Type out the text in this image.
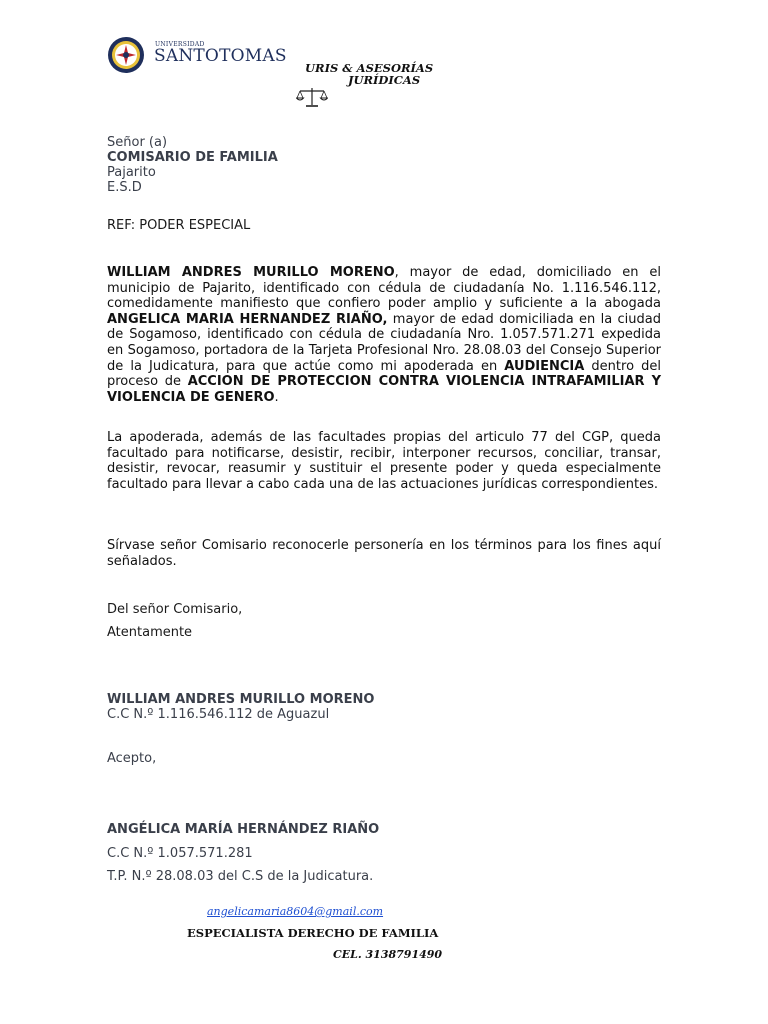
UNIVERSIDAD
SANTOTOMAS
URIS & ASESORÍAS
JURÍDICAS
Señor (a)
COMISARIO DE FAMILIA
Pajarito
E.S.D
REF: PODER ESPECIAL
WILLIAM ANDRES MURILLO MORENO, mayor de edad, domiciliado en el municipio de Pajarito, identificado con cédula de ciudadanía No. 1.116.546.112, comedidamente manifiesto que confiero poder amplio y suficiente a la abogada ANGELICA MARIA HERNANDEZ RIAÑO, mayor de edad domiciliada en la ciudad de Sogamoso, identificado con cédula de ciudadanía Nro. 1.057.571.271 expedida en Sogamoso, portadora de la Tarjeta Profesional Nro. 28.08.03 del Consejo Superior de la Judicatura, para que actúe como mi apoderada en AUDIENCIA dentro del proceso de ACCION DE PROTECCION CONTRA VIOLENCIA INTRAFAMILIAR Y VIOLENCIA DE GENERO.
La apoderada, además de las facultades propias del articulo 77 del CGP, queda facultado para notificarse, desistir, recibir, interponer recursos, conciliar, transar, desistir, revocar, reasumir y sustituir el presente poder y queda especialmente facultado para llevar a cabo cada una de las actuaciones jurídicas correspondientes.
Sírvase señor Comisario reconocerle personería en los términos para los fines aquí señalados.
Del señor Comisario,
Atentamente
WILLIAM ANDRES MURILLO MORENO
C.C N.º 1.116.546.112 de Aguazul
Acepto,
ANGÉLICA MARÍA HERNÁNDEZ RIAÑO
C.C N.º 1.057.571.281
T.P. N.º 28.08.03 del C.S de la Judicatura.
angelicamaria8604@gmail.com
ESPECIALISTA DERECHO DE FAMILIA
CEL. 3138791490
